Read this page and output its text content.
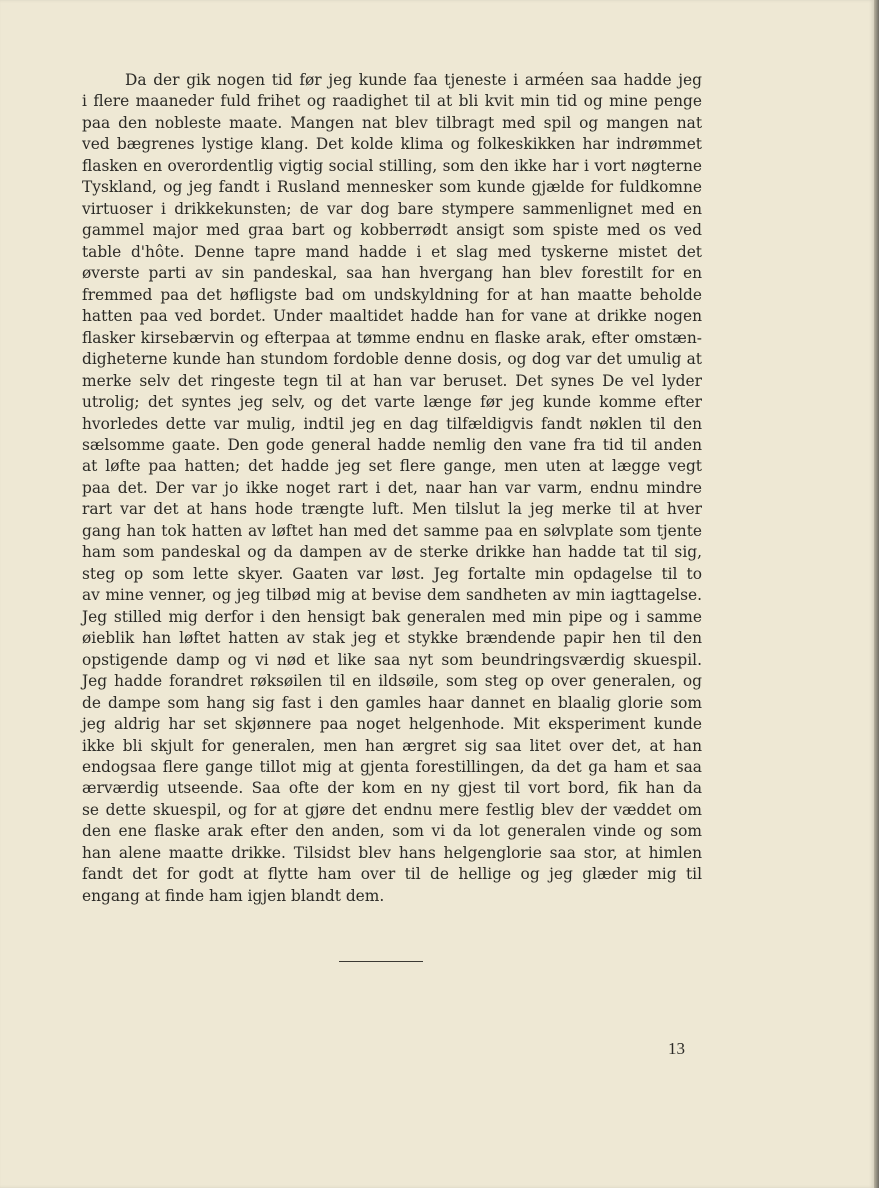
Da der gik nogen tid før jeg kunde faa tjeneste i arméen saa hadde jeg
i flere maaneder fuld frihet og raadighet til at bli kvit min tid og mine penge
paa den nobleste maate. Mangen nat blev tilbragt med spil og mangen nat
ved bægrenes lystige klang. Det kolde klima og folkeskikken har indrømmet
flasken en overordentlig vigtig social stilling, som den ikke har i vort nøgterne
Tyskland, og jeg fandt i Rusland mennesker som kunde gjælde for fuldkomne
virtuoser i drikkekunsten; de var dog bare stympere sammenlignet med en
gammel major med graa bart og kobberrødt ansigt som spiste med os ved
table d'hôte. Denne tapre mand hadde i et slag med tyskerne mistet det
øverste parti av sin pandeskal, saa han hvergang han blev forestilt for en
fremmed paa det høfligste bad om undskyldning for at han maatte beholde
hatten paa ved bordet. Under maaltidet hadde han for vane at drikke nogen
flasker kirsebærvin og efterpaa at tømme endnu en flaske arak, efter omstæn-
digheterne kunde han stundom fordoble denne dosis, og dog var det umulig at
merke selv det ringeste tegn til at han var beruset. Det synes De vel lyder
utrolig; det syntes jeg selv, og det varte længe før jeg kunde komme efter
hvorledes dette var mulig, indtil jeg en dag tilfældigvis fandt nøklen til den
sælsomme gaate. Den gode general hadde nemlig den vane fra tid til anden
at løfte paa hatten; det hadde jeg set flere gange, men uten at lægge vegt
paa det. Der var jo ikke noget rart i det, naar han var varm, endnu mindre
rart var det at hans hode trængte luft. Men tilslut la jeg merke til at hver
gang han tok hatten av løftet han med det samme paa en sølvplate som tjente
ham som pandeskal og da dampen av de sterke drikke han hadde tat til sig,
steg op som lette skyer. Gaaten var løst. Jeg fortalte min opdagelse til to
av mine venner, og jeg tilbød mig at bevise dem sandheten av min iagttagelse.
Jeg stilled mig derfor i den hensigt bak generalen med min pipe og i samme
øieblik han løftet hatten av stak jeg et stykke brændende papir hen til den
opstigende damp og vi nød et like saa nyt som beundringsværdig skuespil.
Jeg hadde forandret røksøilen til en ildsøile, som steg op over generalen, og
de dampe som hang sig fast i den gamles haar dannet en blaalig glorie som
jeg aldrig har set skjønnere paa noget helgenhode. Mit eksperiment kunde
ikke bli skjult for generalen, men han ærgret sig saa litet over det, at han
endogsaa flere gange tillot mig at gjenta forestillingen, da det ga ham et saa
ærværdig utseende. Saa ofte der kom en ny gjest til vort bord, fik han da
se dette skuespil, og for at gjøre det endnu mere festlig blev der væddet om
den ene flaske arak efter den anden, som vi da lot generalen vinde og som
han alene maatte drikke. Tilsidst blev hans helgenglorie saa stor, at himlen
fandt det for godt at flytte ham over til de hellige og jeg glæder mig til
engang at finde ham igjen blandt dem.
13
